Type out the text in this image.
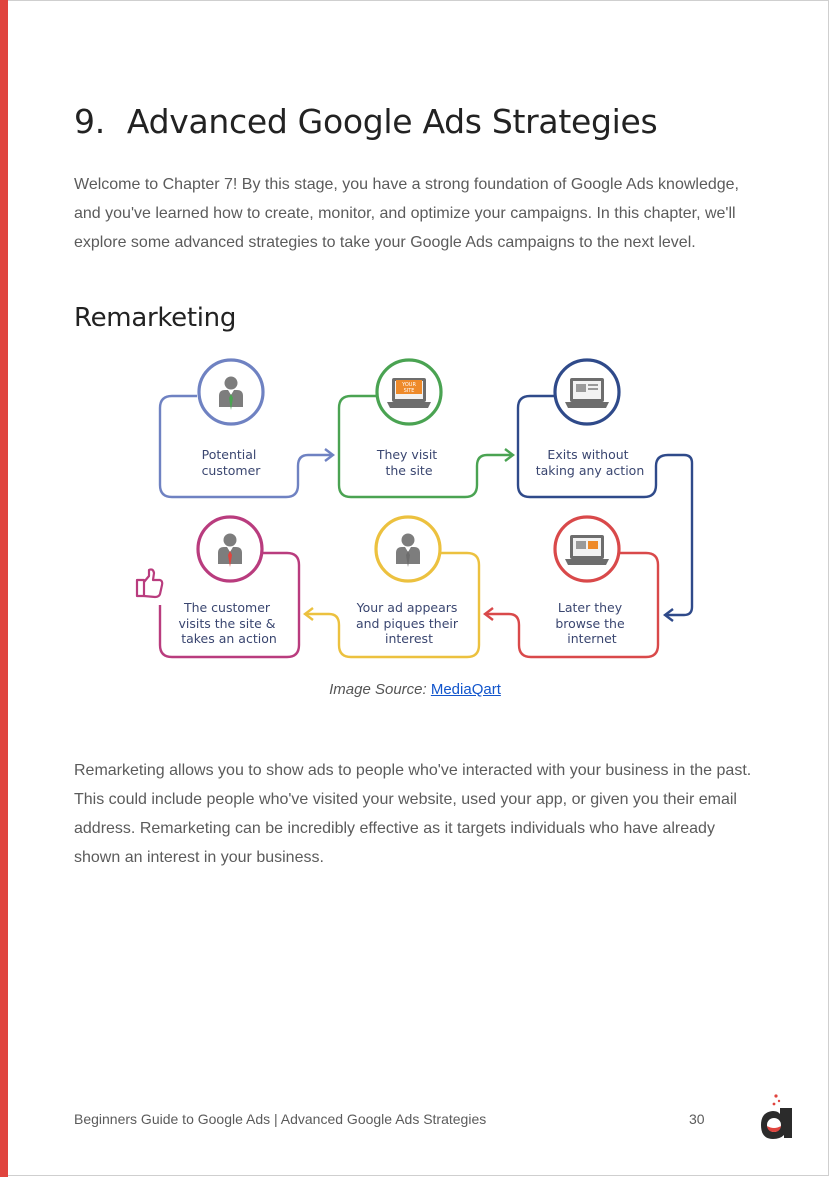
9. Advanced Google Ads Strategies

Welcome to Chapter 7! By this stage, you have a strong foundation of Google Ads knowledge, and you've learned how to create, monitor, and optimize your campaigns. In this chapter, we'll explore some advanced strategies to take your Google Ads campaigns to the next level.

Remarketing
YOUR
SITE
Potential customer
They visit the site
Exits without taking any action
Later they browse the internet
Your ad appears and piques their interest
The customer visits the site & takes an action
Image Source: MediaQart

Remarketing allows you to show ads to people who've interacted with your business in the past. This could include people who've visited your website, used your app, or given you their email address. Remarketing can be incredibly effective as it targets individuals who have already shown an interest in your business.

Beginners Guide to Google Ads | Advanced Google Ads Strategies	30
